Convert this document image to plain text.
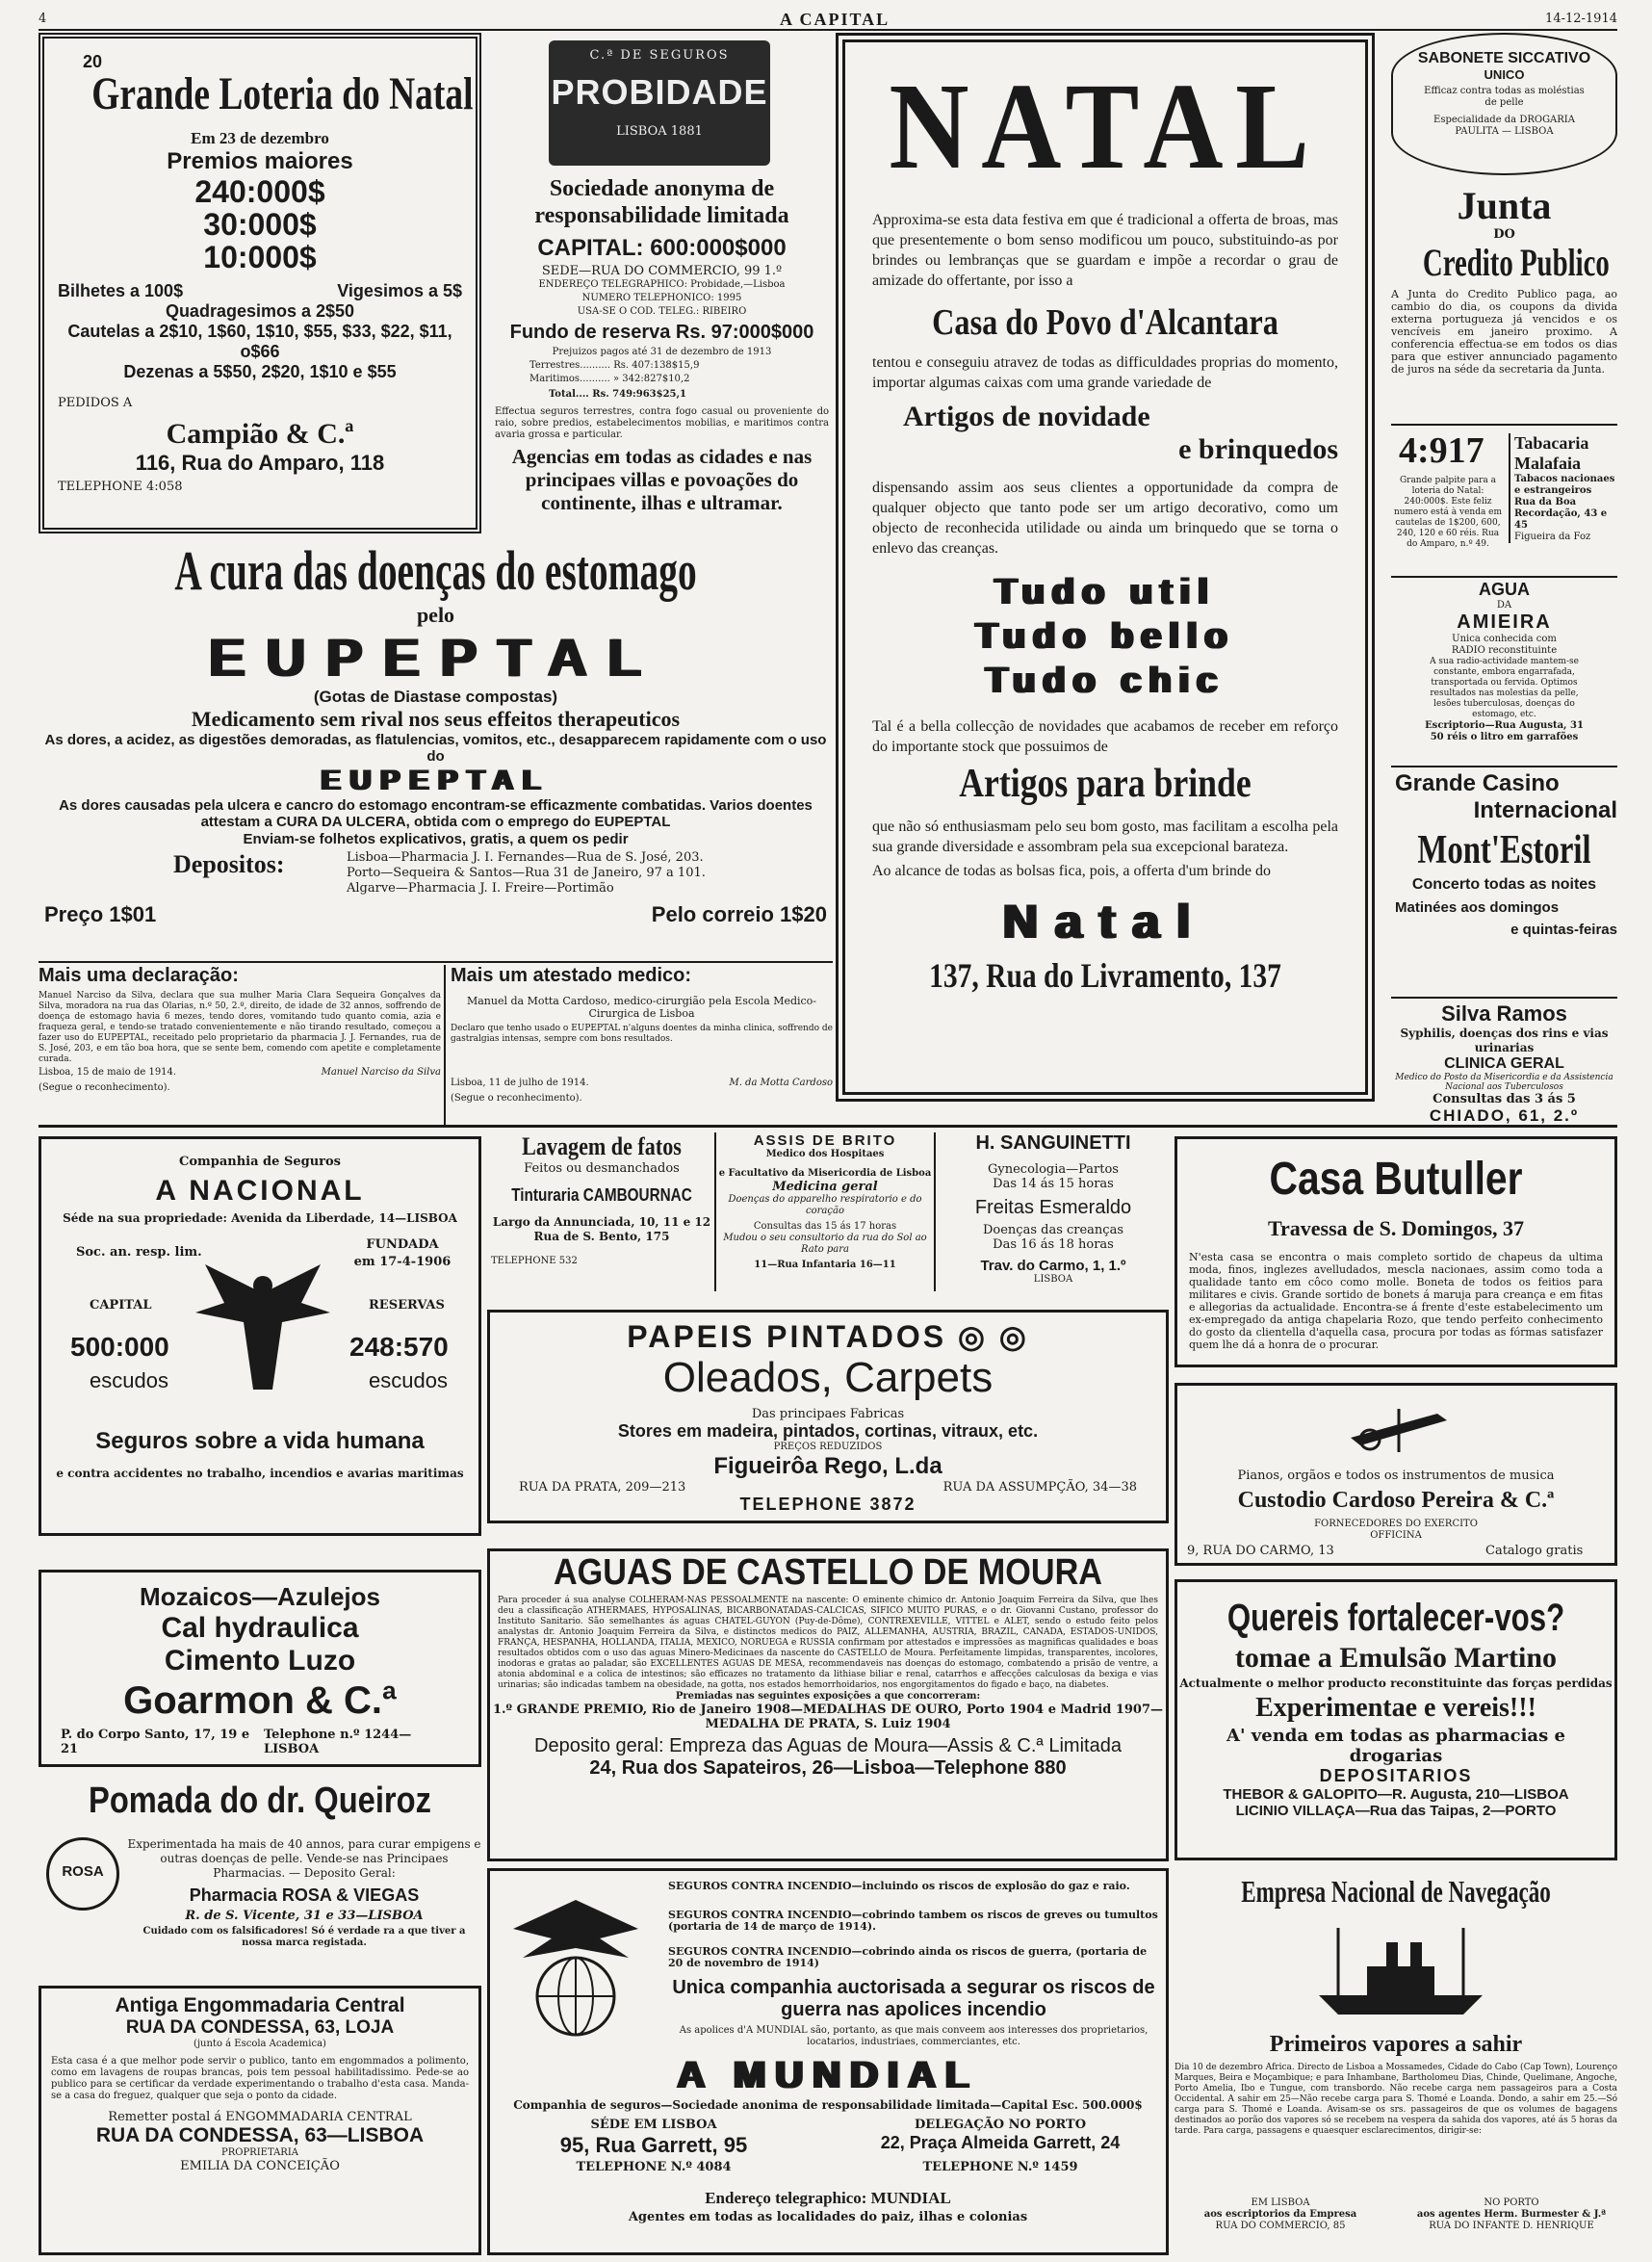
4	A CAPITAL	14-12-1914
20
Grande Loteria do Natal
Em 23 de dezembro
Premios maiores
240:000$
30:000$
10:000$
Bilhetes a 100$	Vigesimos a 5$
Quadragesimos a 2$50
Cautelas a 2$10, 1$60, 1$10, $55, $33, $22, $11, o$66
Dezenas a 5$50, 2$20, 1$10 e $55
PEDIDOS A
Campião & C.ª
116, Rua do Amparo, 118
TELEPHONE 4:058
C.ª DE SEGUROS
PROBIDADE
LISBOA 1881
Sociedade anonyma de responsabilidade limitada
CAPITAL: 600:000$000
SEDE—RUA DO COMMERCIO, 99 1.º
ENDEREÇO TELEGRAPHICO: Probidade,—Lisboa
NUMERO TELEPHONICO: 1995
USA-SE O COD. TELEG.: RIBEIRO
Fundo de reserva Rs. 97:000$000
Prejuizos pagos até 31 de dezembro de 1913
Terrestres.......... Rs. 407:138$15,9
Maritimos.......... » 342:827$10,2
Total.... Rs. 749:963$25,1
Effectua seguros terrestres, contra fogo casual ou proveniente do raio, sobre predios, estabelecimentos mobilias, e maritimos contra avaria grossa e particular.
Agencias em todas as cidades e nas principaes villas e povoações do continente, ilhas e ultramar.
NATAL
Approxima-se esta data festiva em que é tradicional a offerta de broas, mas que presentemente o bom senso modificou um pouco, substituindo-as por brindes ou lembranças que se guardam e impõe a recordar o grau de amizade do offertante, por isso a
Casa do Povo d'Alcantara
tentou e conseguiu atravez de todas as difficuldades proprias do momento, importar algumas caixas com uma grande variedade de
Artigos de novidade
e brinquedos
dispensando assim aos seus clientes a opportunidade da compra de qualquer objecto que tanto pode ser um artigo decorativo, como um objecto de reconhecida utilidade ou ainda um brinquedo que se torna o enlevo das creanças.
Tudo util
Tudo bello
Tudo chic
Tal é a bella collecção de novidades que acabamos de receber em reforço do importante stock que possuimos de
Artigos para brinde
que não só enthusiasmam pelo seu bom gosto, mas facilitam a escolha pela sua grande diversidade e assombram pela sua excepcional barateza.
Ao alcance de todas as bolsas fica, pois, a offerta d'um brinde do
Natal
137, Rua do Livramento, 137
SABONETE SICCATIVO
UNICO
Efficaz contra todas as moléstias de pelle
Especialidade da DROGARIA PAULITA — LISBOA
Junta
DO
Credito Publico
A Junta do Credito Publico paga, ao cambio do dia, os coupons da divida externa portugueza já vencidos e os vencíveis em janeiro proximo. A conferencia effectua-se em todos os dias para que estiver annunciado pagamento de juros na séde da secretaria da Junta.
4:917
Grande palpite para a loteria do Natal: 240:000$. Este feliz numero está à venda em cautelas de 1$200, 600, 240, 120 e 60 réis. Rua do Amparo, n.º 49.
Tabacaria
Malafaia
Tabacos nacionaes e estrangeiros
Rua da Boa Recordação, 43 e 45
Figueira da Foz
AGUA
DA
AMIEIRA
Unica conhecida com RADIO reconstituinte
A sua radio-actividade mantem-se constante, embora engarrafada, transportada ou fervida. Optimos resultados nas molestias da pelle, lesões tuberculosas, doenças do estomago, etc.
Escriptorio—Rua Augusta, 31
50 réis o litro em garrafões
Grande Casino
Internacional
Mont'Estoril
Concerto todas as noites
Matinées aos domingos
e quintas-feiras
Silva Ramos
Syphilis, doenças dos rins e vias urinarias
CLINICA GERAL
Medico do Posto da Misericordia e da Assistencia Nacional aos Tuberculosos
Consultas das 3 ás 5
CHIADO, 61, 2.º
A cura das doenças do estomago
pelo
EUPEPTAL
(Gotas de Diastase compostas)
Medicamento sem rival nos seus effeitos therapeuticos
As dores, a acidez, as digestões demoradas, as flatulencias, vomitos, etc., desapparecem rapidamente com o uso do
EUPEPTAL
As dores causadas pela ulcera e cancro do estomago encontram-se efficazmente combatidas. Varios doentes attestam a CURA DA ULCERA, obtida com o emprego do EUPEPTAL
Enviam-se folhetos explicativos, gratis, a quem os pedir
Depositos:	Lisboa—Pharmacia J. I. Fernandes—Rua de S. José, 203.
Porto—Sequeira & Santos—Rua 31 de Janeiro, 97 a 101.
Algarve—Pharmacia J. I. Freire—Portimão
Preço 1$01	Pelo correio 1$20
Mais uma declaração:
Manuel Narciso da Silva, declara que sua mulher Maria Clara Sequeira Gonçalves da Silva, moradora na rua das Olarias, n.º 50, 2.º, direito, de idade de 32 annos, soffrendo de doença de estomago havia 6 mezes, tendo dores, vomitando tudo quanto comia, azia e fraqueza geral, e tendo-se tratado convenientemente e não tirando resultado, começou a fazer uso do EUPEPTAL, receitado pelo proprietario da pharmacia J. J. Fernandes, rua de S. José, 203, e em tão boa hora, que se sente bem, comendo com apetite e completamente curada.
Lisboa, 15 de maio de 1914.	Manuel Narciso da Silva
(Segue o reconhecimento).
Mais um atestado medico:
Manuel da Motta Cardoso, medico-cirurgião pela Escola Medico-Cirurgica de Lisboa
Declaro que tenho usado o EUPEPTAL n'alguns doentes da minha clinica, soffrendo de gastralgias intensas, sempre com bons resultados.
Lisboa, 11 de julho de 1914.	M. da Motta Cardoso
(Segue o reconhecimento).
Companhia de Seguros
A NACIONAL
Séde na sua propriedade: Avenida da Liberdade, 14—LISBOA
Soc. an. resp. lim.
FUNDADA
em 17-4-1906
CAPITAL	RESERVAS
500:000	248:570
escudos	escudos
Seguros sobre a vida humana
e contra accidentes no trabalho, incendios e avarias maritimas
Lavagem de fatos
Feitos ou desmanchados
Tinturaria CAMBOURNAC
Largo da Annunciada, 10, 11 e 12
Rua de S. Bento, 175
TELEPHONE 532
ASSIS DE BRITO
Medico dos Hospitaes
e Facultativo da Misericordia de Lisboa
Medicina geral
Doenças do apparelho respiratorio e do coração
Consultas das 15 ás 17 horas
Mudou o seu consultorio da rua do Sol ao Rato para
11—Rua Infantaria 16—11
H. SANGUINETTI
Gynecologia—Partos
Das 14 ás 15 horas
Freitas Esmeraldo
Doenças das creanças
Das 16 ás 18 horas
Trav. do Carmo, 1, 1.º
LISBOA
PAPEIS PINTADOS ◎ ◎
Oleados, Carpets
Das principaes Fabricas
Stores em madeira, pintados, cortinas, vitraux, etc.
PREÇOS REDUZIDOS
Figueirôa Rego, L.da
RUA DA PRATA, 209—213	RUA DA ASSUMPÇÃO, 34—38
TELEPHONE 3872
Casa Butuller
Travessa de S. Domingos, 37
N'esta casa se encontra o mais completo sortido de chapeus da ultima moda, finos, inglezes avelludados, mescla nacionaes, assim como toda a qualidade tanto em côco como molle. Boneta de todos os feitios para militares e civis. Grande sortido de bonets á maruja para creança e em fitas e allegorias da actualidade. Encontra-se á frente d'este estabelecimento um ex-empregado da antiga chapelaria Rozo, que tendo perfeito conhecimento do gosto da clientella d'aquella casa, procura por todas as fórmas satisfazer quem lhe dá a honra de o procurar.
Pianos, orgãos e todos os instrumentos de musica
Custodio Cardoso Pereira & C.ª
FORNECEDORES DO EXERCITO
OFFICINA
9, RUA DO CARMO, 13	Catalogo gratis
Mozaicos—Azulejos
Cal hydraulica
Cimento Luzo
Goarmon & C.ª
P. do Corpo Santo, 17, 19 e 21
Telephone n.º 1244—LISBOA
AGUAS DE CASTELLO DE MOURA
Para proceder á sua analyse COLHERAM-NAS PESSOALMENTE na nascente: O eminente chimico dr. Antonio Joaquim Ferreira da Silva, que lhes deu a classificação ATHERMAES, HYPOSALINAS, BICARBONATADAS-CALCICAS, SIFICO MUITO PURAS, e o dr. Giovanni Custano, professor do Instituto Sanitario. São semelhantes ás aguas CHATEL-GUYON (Puy-de-Dôme), CONTREXEVILLE, VITTEL e ALET, sendo o estudo feito pelos analystas dr. Antonio Joaquim Ferreira da Silva, e distinctos medicos do PAIZ, ALLEMANHA, AUSTRIA, BRAZIL, CANADA, ESTADOS-UNIDOS, FRANÇA, HESPANHA, HOLLANDA, ITALIA, MEXICO, NORUEGA e RUSSIA confirmam por attestados e impressões as magnificas qualidades e boas resultados obtidos com o uso das aguas Minero-Medicinaes da nascente do CASTELLO de Moura. Perfeitamente limpidas, transparentes, incolores, inodoras e gratas ao paladar, são EXCELLENTES AGUAS DE MESA, recommendaveis nas doenças do estomago, combatendo a prisão de ventre, a atonia abdominal e a colica de intestinos; são efficazes no tratamento da lithiase biliar e renal, catarrhos e affecções calculosas da bexiga e vias urinarias; são indicadas tambem na obesidade, na gotta, nos estados hemorrhoidarios, nos engorgitamentos do figado e baço, na diabetes.
Premiadas nas seguintes exposições a que concorreram:
1.º GRANDE PREMIO, Rio de Janeiro 1908—MEDALHAS DE OURO, Porto 1904 e Madrid 1907—MEDALHA DE PRATA, S. Luiz 1904
Deposito geral: Empreza das Aguas de Moura—Assis & C.ª Limitada
24, Rua dos Sapateiros, 26—Lisboa—Telephone 880
Quereis fortalecer-vos?
tomae a Emulsão Martino
Actualmente o melhor producto reconstituinte das forças perdidas
Experimentae e vereis!!!
A' venda em todas as pharmacias e drogarias
DEPOSITARIOS
THEBOR & GALOPITO—R. Augusta, 210—LISBOA
LICINIO VILLAÇA—Rua das Taipas, 2—PORTO
Pomada do dr. Queiroz
ROSA
Experimentada ha mais de 40 annos, para curar empigens e outras doenças de pelle. Vende-se nas Principaes Pharmacias. — Deposito Geral:
Pharmacia ROSA & VIEGAS
R. de S. Vicente, 31 e 33—LISBOA
Cuidado com os falsificadores! Só é verdade ra a que tiver a nossa marca registada.
Antiga Engommadaria Central
RUA DA CONDESSA, 63, LOJA
(junto á Escola Academica)
Esta casa é a que melhor pode servir o publico, tanto em engommados a polimento, como em lavagens de roupas brancas, pois tem pessoal habilitadissimo. Pede-se ao publico para se certificar da verdade experimentando o trabalho d'esta casa. Manda-se a casa do freguez, qualquer que seja o ponto da cidade.
Remetter postal á ENGOMMADARIA CENTRAL
RUA DA CONDESSA, 63—LISBOA
PROPRIETARIA
EMILIA DA CONCEIÇÃO
SEGUROS CONTRA INCENDIO—incluindo os riscos de explosão do gaz e raio.
SEGUROS CONTRA INCENDIO—cobrindo tambem os riscos de greves ou tumultos (portaria de 14 de março de 1914).
SEGUROS CONTRA INCENDIO—cobrindo ainda os riscos de guerra, (portaria de 20 de novembro de 1914)
Unica companhia auctorisada a segurar os riscos de guerra nas apolices incendio
As apolices d'A MUNDIAL são, portanto, as que mais conveem aos interesses dos proprietarios, locatarios, industriaes, commerciantes, etc.
A MUNDIAL
Companhia de seguros—Sociedade anonima de responsabilidade limitada—Capital Esc. 500.000$
SÉDE EM LISBOA	DELEGAÇÃO NO PORTO
95, Rua Garrett, 95	22, Praça Almeida Garrett, 24
TELEPHONE N.º 4084	TELEPHONE N.º 1459
Endereço telegraphico: MUNDIAL
Agentes em todas as localidades do paiz, ilhas e colonias
Empresa Nacional de Navegação
Primeiros vapores a sahir
Dia 10 de dezembro Africa. Directo de Lisboa a Mossamedes, Cidade do Cabo (Cap Town), Lourenço Marques, Beira e Moçambique; e para Inhambane, Bartholomeu Dias, Chinde, Quelimane, Angoche, Porto Amelia, Ibo e Tungue, com transbordo. Não recebe carga nem passageiros para a Costa Occidental. A sahir em 25—Não recebe carga para S. Thomé e Loanda. Dondo, a sahir em 25.—Só carga para S. Thomé e Loanda. Avisam-se os srs. passageiros de que os volumes de bagagens destinados ao porão dos vapores só se recebem na vespera da sahida dos vapores, até ás 5 horas da tarde. Para carga, passagens e quaesquer esclarecimentos, dirigir-se:
EM LISBOA	NO PORTO
aos escriptorios da Empresa	aos agentes Herm. Burmester & J.ª
RUA DO COMMERCIO, 85	RUA DO INFANTE D. HENRIQUE
